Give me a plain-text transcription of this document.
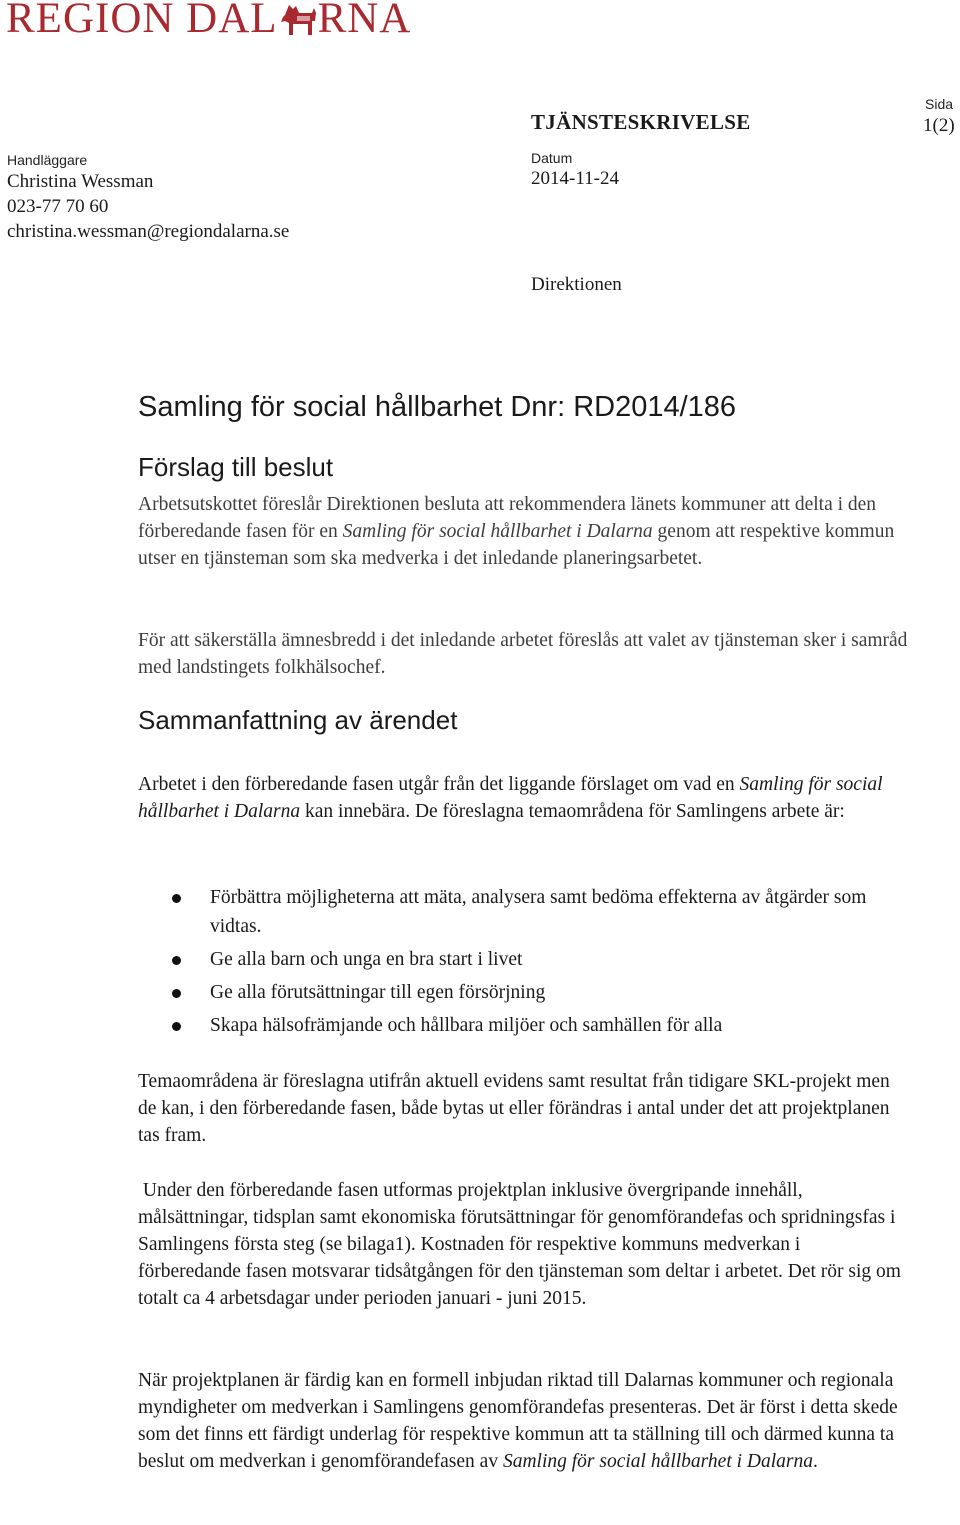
REGION DAL RNA
Handläggare
Christina Wessman
023-77 70 60
christina.wessman@regiondalarna.se
TJÄNSTESKRIVELSE
Datum
2014-11-24
Sida
1(2)
Direktionen
Samling för social hållbarhet Dnr: RD2014/186
Förslag till beslut

Arbetsutskottet föreslår Direktionen besluta att rekommendera länets kommuner att delta i den förberedande fasen för en Samling för social hållbarhet i Dalarna genom att respektive kommun utser en tjänsteman som ska medverka i det inledande planeringsarbetet.

För att säkerställa ämnesbredd i det inledande arbetet föreslås att valet av tjänsteman sker i samråd med landstingets folkhälsochef.

Sammanfattning av ärendet

Arbetet i den förberedande fasen utgår från det liggande förslaget om vad en Samling för social hållbarhet i Dalarna kan innebära. De föreslagna temaområdena för Samlingens arbete är:

Förbättra möjligheterna att mäta, analysera samt bedöma effekterna av åtgärder som vidtas.
Ge alla barn och unga en bra start i livet
Ge alla förutsättningar till egen försörjning
Skapa hälsofrämjande och hållbara miljöer och samhällen för alla

Temaområdena är föreslagna utifrån aktuell evidens samt resultat från tidigare SKL-projekt men de kan, i den förberedande fasen, både bytas ut eller förändras i antal under det att projektplanen tas fram.

Under den förberedande fasen utformas projektplan inklusive övergripande innehåll, målsättningar, tidsplan samt ekonomiska förutsättningar för genomförandefas och spridningsfas i Samlingens första steg (se bilaga1). Kostnaden för respektive kommuns medverkan i förberedande fasen motsvarar tidsåtgången för den tjänsteman som deltar i arbetet. Det rör sig om totalt ca 4 arbetsdagar under perioden januari - juni 2015.

När projektplanen är färdig kan en formell inbjudan riktad till Dalarnas kommuner och regionala myndigheter om medverkan i Samlingens genomförandefas presenteras. Det är först i detta skede som det finns ett färdigt underlag för respektive kommun att ta ställning till och därmed kunna ta beslut om medverkan i genomförandefasen av Samling för social hållbarhet i Dalarna.
